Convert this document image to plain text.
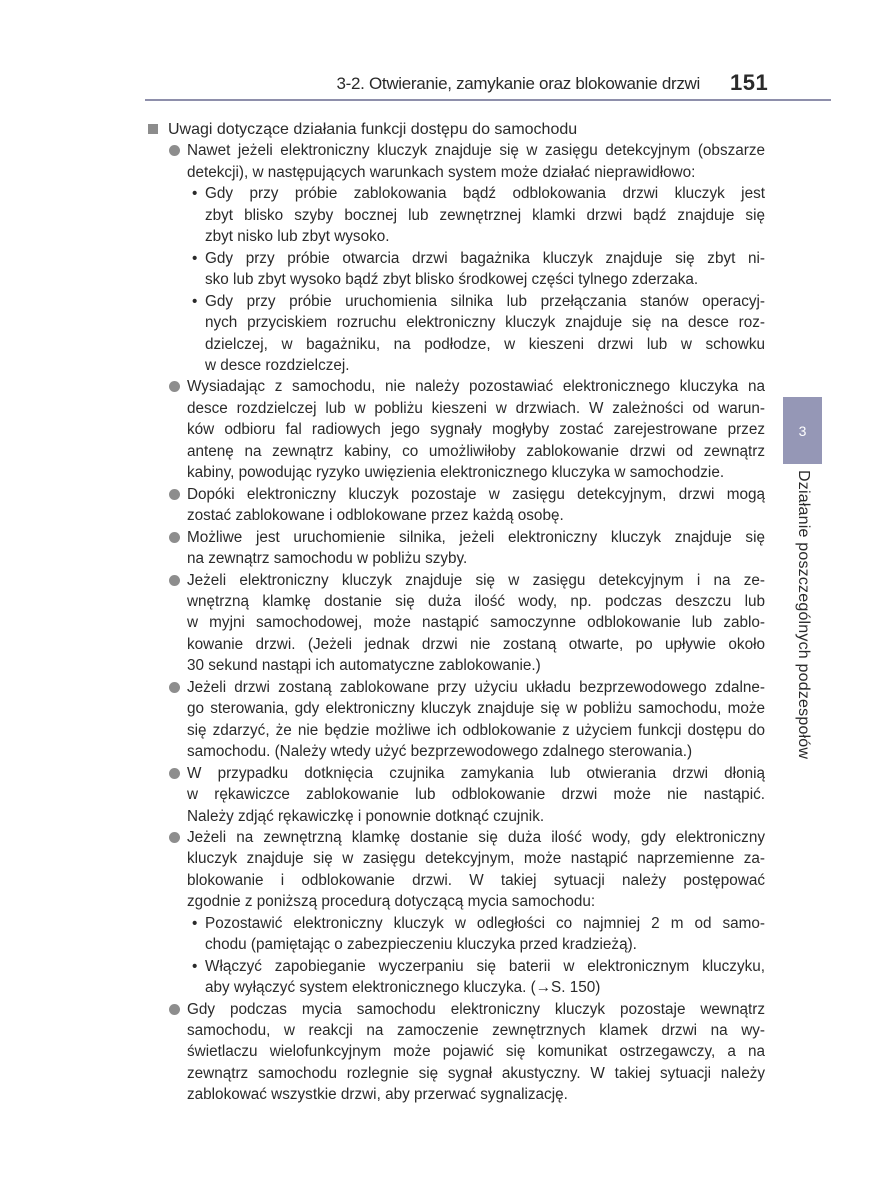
3-2. Otwieranie, zamykanie oraz blokowanie drzwi 151
3
Działanie poszczególnych podzespołów
Uwagi dotyczące działania funkcji dostępu do samochodu
Nawet jeżeli elektroniczny kluczyk znajduje się w zasięgu detekcyjnym (obszarze
detekcji), w następujących warunkach system może działać nieprawidłowo:
• Gdy przy próbie zablokowania bądź odblokowania drzwi kluczyk jest
zbyt blisko szyby bocznej lub zewnętrznej klamki drzwi bądź znajduje się
zbyt nisko lub zbyt wysoko.
• Gdy przy próbie otwarcia drzwi bagażnika kluczyk znajduje się zbyt ni-
sko lub zbyt wysoko bądź zbyt blisko środkowej części tylnego zderzaka.
• Gdy przy próbie uruchomienia silnika lub przełączania stanów operacyj-
nych przyciskiem rozruchu elektroniczny kluczyk znajduje się na desce roz-
dzielczej, w bagażniku, na podłodze, w kieszeni drzwi lub w schowku
w desce rozdzielczej.
Wysiadając z samochodu, nie należy pozostawiać elektronicznego kluczyka na
desce rozdzielczej lub w pobliżu kieszeni w drzwiach. W zależności od warun-
ków odbioru fal radiowych jego sygnały mogłyby zostać zarejestrowane przez
antenę na zewnątrz kabiny, co umożliwiłoby zablokowanie drzwi od zewnątrz
kabiny, powodując ryzyko uwięzienia elektronicznego kluczyka w samochodzie.
Dopóki elektroniczny kluczyk pozostaje w zasięgu detekcyjnym, drzwi mogą
zostać zablokowane i odblokowane przez każdą osobę.
Możliwe jest uruchomienie silnika, jeżeli elektroniczny kluczyk znajduje się
na zewnątrz samochodu w pobliżu szyby.
Jeżeli elektroniczny kluczyk znajduje się w zasięgu detekcyjnym i na ze-
wnętrzną klamkę dostanie się duża ilość wody, np. podczas deszczu lub
w myjni samochodowej, może nastąpić samoczynne odblokowanie lub zablo-
kowanie drzwi. (Jeżeli jednak drzwi nie zostaną otwarte, po upływie około
30 sekund nastąpi ich automatyczne zablokowanie.)
Jeżeli drzwi zostaną zablokowane przy użyciu układu bezprzewodowego zdalne-
go sterowania, gdy elektroniczny kluczyk znajduje się w pobliżu samochodu, może
się zdarzyć, że nie będzie możliwe ich odblokowanie z użyciem funkcji dostępu do
samochodu. (Należy wtedy użyć bezprzewodowego zdalnego sterowania.)
W przypadku dotknięcia czujnika zamykania lub otwierania drzwi dłonią
w rękawiczce zablokowanie lub odblokowanie drzwi może nie nastąpić.
Należy zdjąć rękawiczkę i ponownie dotknąć czujnik.
Jeżeli na zewnętrzną klamkę dostanie się duża ilość wody, gdy elektroniczny
kluczyk znajduje się w zasięgu detekcyjnym, może nastąpić naprzemienne za-
blokowanie i odblokowanie drzwi. W takiej sytuacji należy postępować
zgodnie z poniższą procedurą dotyczącą mycia samochodu:
• Pozostawić elektroniczny kluczyk w odległości co najmniej 2 m od samo-
chodu (pamiętając o zabezpieczeniu kluczyka przed kradzieżą).
• Włączyć zapobieganie wyczerpaniu się baterii w elektronicznym kluczyku,
aby wyłączyć system elektronicznego kluczyka. (→S. 150)
Gdy podczas mycia samochodu elektroniczny kluczyk pozostaje wewnątrz
samochodu, w reakcji na zamoczenie zewnętrznych klamek drzwi na wy-
świetlaczu wielofunkcyjnym może pojawić się komunikat ostrzegawczy, a na
zewnątrz samochodu rozlegnie się sygnał akustyczny. W takiej sytuacji należy
zablokować wszystkie drzwi, aby przerwać sygnalizację.
